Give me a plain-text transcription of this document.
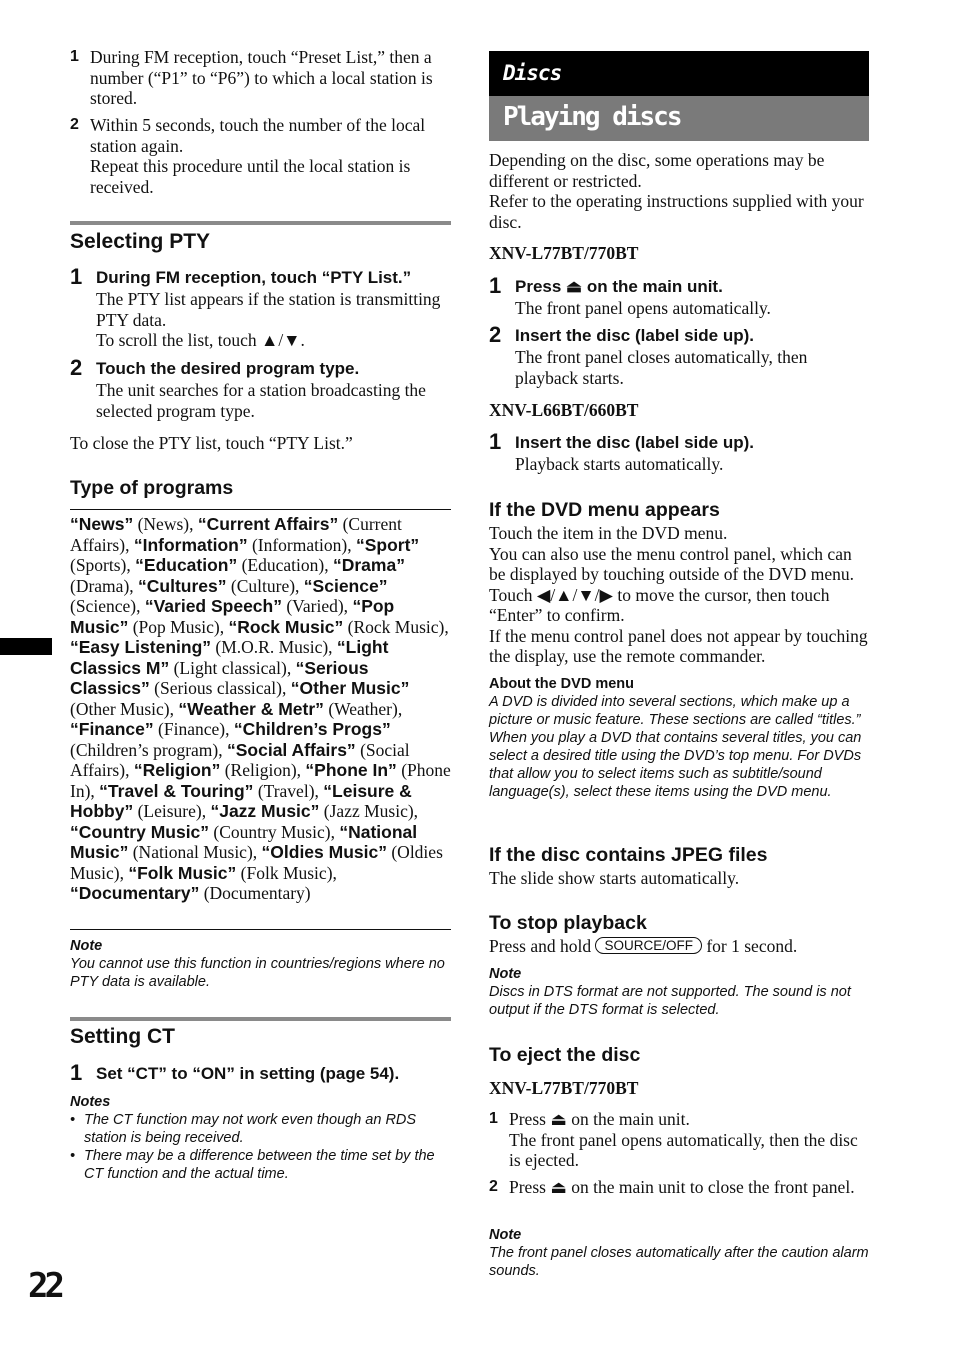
22
1 During FM reception, touch “Preset List,” then a number (“P1” to “P6”) to which a local station is stored.
2 Within 5 seconds, touch the number of the local station again.
Repeat this procedure until the local station is received.
Selecting PTY
1 During FM reception, touch “PTY List.”
The PTY list appears if the station is transmitting PTY data.
To scroll the list, touch ▲/▼.
2 Touch the desired program type.
The unit searches for a station broadcasting the selected program type.
To close the PTY list, touch “PTY List.”
Type of programs
“News” (News), “Current Affairs” (Current Affairs), “Information” (Information), “Sport” (Sports), “Education” (Education), “Drama” (Drama), “Cultures” (Culture), “Science” (Science), “Varied Speech” (Varied), “Pop Music” (Pop Music), “Rock Music” (Rock Music), “Easy Listening” (M.O.R. Music), “Light Classics M” (Light classical), “Serious Classics” (Serious classical), “Other Music” (Other Music), “Weather & Metr” (Weather), “Finance” (Finance), “Children’s Progs” (Children’s program), “Social Affairs” (Social Affairs), “Religion” (Religion), “Phone In” (Phone In), “Travel & Touring” (Travel), “Leisure & Hobby” (Leisure), “Jazz Music” (Jazz Music), “Country Music” (Country Music), “National Music” (National Music), “Oldies Music” (Oldies Music), “Folk Music” (Folk Music), “Documentary” (Documentary)
Note
You cannot use this function in countries/regions where no PTY data is available.
Setting CT
1 Set “CT” to “ON” in setting (page 54).
Notes
• The CT function may not work even though an RDS station is being received.
• There may be a difference between the time set by the CT function and the actual time.
Discs
Playing discs
Depending on the disc, some operations may be different or restricted.
Refer to the operating instructions supplied with your disc.
XNV-L77BT/770BT
1 Press ⏏ on the main unit.
The front panel opens automatically.
2 Insert the disc (label side up).
The front panel closes automatically, then playback starts.
XNV-L66BT/660BT
1 Insert the disc (label side up).
Playback starts automatically.
If the DVD menu appears
Touch the item in the DVD menu.
You can also use the menu control panel, which can be displayed by touching outside of the DVD menu. Touch ◀/▲/▼/▶ to move the cursor, then touch “Enter” to confirm.
If the menu control panel does not appear by touching the display, use the remote commander.
About the DVD menu
A DVD is divided into several sections, which make up a picture or music feature. These sections are called “titles.” When you play a DVD that contains several titles, you can select a desired title using the DVD’s top menu. For DVDs that allow you to select items such as subtitle/sound language(s), select these items using the DVD menu.
If the disc contains JPEG files
The slide show starts automatically.
To stop playback
Press and hold SOURCE/OFF for 1 second.
Note
Discs in DTS format are not supported. The sound is not output if the DTS format is selected.
To eject the disc
XNV-L77BT/770BT
1 Press ⏏ on the main unit.
The front panel opens automatically, then the disc is ejected.
2 Press ⏏ on the main unit to close the front panel.
Note
The front panel closes automatically after the caution alarm sounds.
